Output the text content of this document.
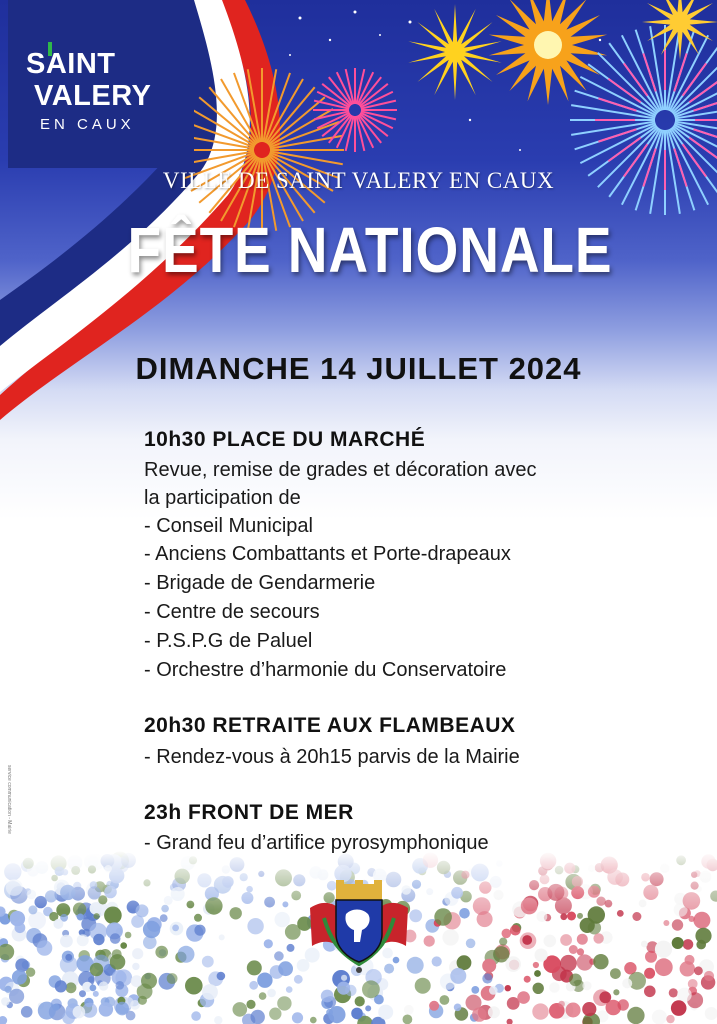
SAINT
VALERY
EN CAUX
VILLE DE SAINT VALERY EN CAUX
FÊTE NATIONALE
DIMANCHE 14 JUILLET 2024
10h30 PLACE DU MARCHÉ
Revue, remise de grades et décoration avec
la participation de
- Conseil Municipal
- Anciens Combattants et Porte-drapeaux
- Brigade de Gendarmerie
- Centre de secours
- P.S.P.G de Paluel
- Orchestre d’harmonie du Conservatoire
20h30 RETRAITE AUX FLAMBEAUX
- Rendez-vous à 20h15 parvis de la Mairie
23h FRONT DE MER
- Grand feu d’artifice pyrosymphonique
service communication - Mairie
